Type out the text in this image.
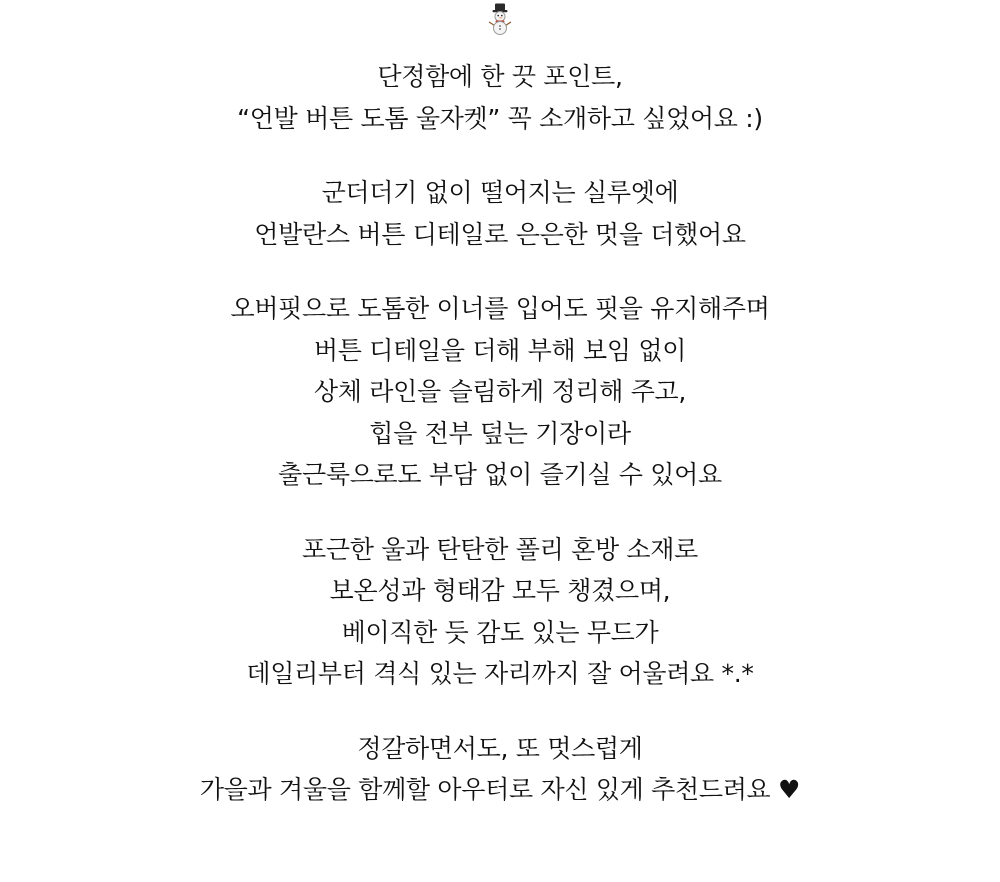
단정함에 한 끗 포인트,
“언발 버튼 도톰 울자켓” 꼭 소개하고 싶었어요 :)
군더더기 없이 떨어지는 실루엣에
언발란스 버튼 디테일로 은은한 멋을 더했어요
오버핏으로 도톰한 이너를 입어도 핏을 유지해주며
버튼 디테일을 더해 부해 보임 없이
상체 라인을 슬림하게 정리해 주고,
힙을 전부 덮는 기장이라
출근룩으로도 부담 없이 즐기실 수 있어요
포근한 울과 탄탄한 폴리 혼방 소재로
보온성과 형태감 모두 챙겼으며,
베이직한 듯 감도 있는 무드가
데일리부터 격식 있는 자리까지 잘 어울려요 *.*
정갈하면서도, 또 멋스럽게
가을과 겨울을 함께할 아우터로 자신 있게 추천드려요 ♥
